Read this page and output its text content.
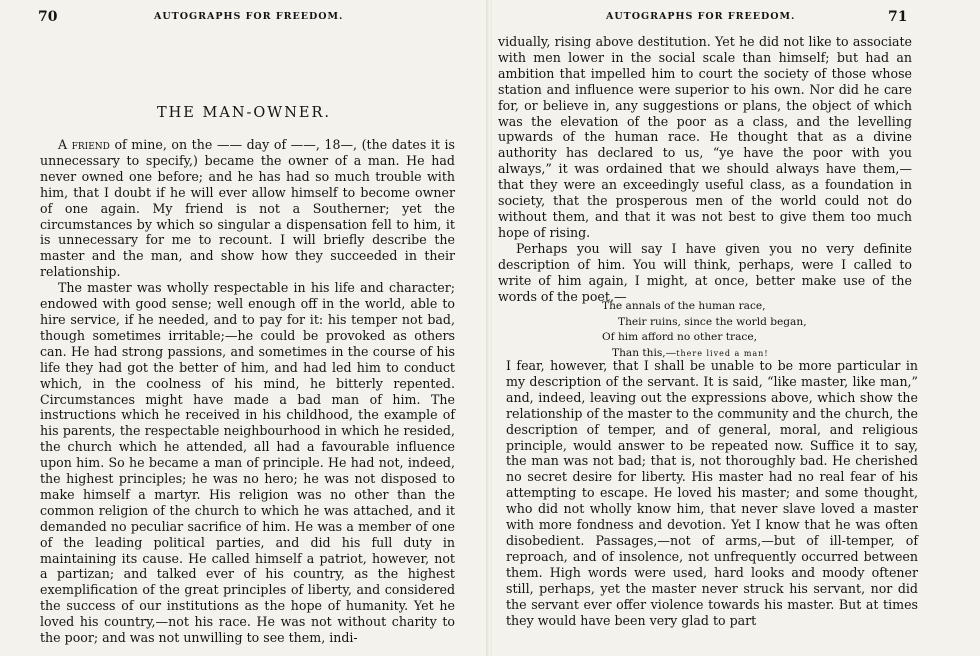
70	AUTOGRAPHS FOR FREEDOM.
THE MAN-OWNER.

A friend of mine, on the —— day of ——, 18—, (the dates it is unnecessary to specify,) became the owner of a man. He had never owned one before; and he has had so much trouble with him, that I doubt if he will ever allow himself to become owner of one again. My friend is not a Southerner; yet the circumstances by which so singular a dispensation fell to him, it is unnecessary for me to recount. I will briefly describe the master and the man, and show how they succeeded in their relationship.

The master was wholly respectable in his life and character; endowed with good sense; well enough off in the world, able to hire service, if he needed, and to pay for it: his temper not bad, though sometimes irritable;—he could be provoked as others can. He had strong passions, and sometimes in the course of his life they had got the better of him, and had led him to conduct which, in the coolness of his mind, he bitterly repented. Circumstances might have made a bad man of him. The instructions which he received in his childhood, the example of his parents, the respectable neighbourhood in which he resided, the church which he attended, all had a favourable influence upon him. So he became a man of principle. He had not, indeed, the highest principles; he was no hero; he was not disposed to make himself a martyr. His religion was no other than the common religion of the church to which he was attached, and it demanded no peculiar sacrifice of him. He was a member of one of the leading political parties, and did his full duty in maintaining its cause. He called himself a patriot, however, not a partizan; and talked ever of his country, as the highest exemplification of the great principles of liberty, and considered the success of our institutions as the hope of humanity. Yet he loved his country,—not his race. He was not without charity to the poor; and was not unwilling to see them, indi-

AUTOGRAPHS FOR FREEDOM.	71

vidually, rising above destitution. Yet he did not like to associate with men lower in the social scale than himself; but had an ambition that impelled him to court the society of those whose station and influence were superior to his own. Nor did he care for, or believe in, any suggestions or plans, the object of which was the elevation of the poor as a class, and the levelling upwards of the human race. He thought that as a divine authority has declared to us, “ye have the poor with you always,” it was ordained that we should always have them,—that they were an exceedingly useful class, as a foundation in society, that the prosperous men of the world could not do without them, and that it was not best to give them too much hope of rising.

Perhaps you will say I have given you no very definite description of him. You will think, perhaps, were I called to write of him again, I might, at once, better make use of the words of the poet,—

The annals of the human race,
Their ruins, since the world began,
Of him afford no other trace,
Than this,—there lived a man!

I fear, however, that I shall be unable to be more particular in my description of the servant. It is said, “like master, like man,” and, indeed, leaving out the expressions above, which show the relationship of the master to the community and the church, the description of temper, and of general, moral, and religious principle, would answer to be repeated now. Suffice it to say, the man was not bad; that is, not thoroughly bad. He cherished no secret desire for liberty. His master had no real fear of his attempting to escape. He loved his master; and some thought, who did not wholly know him, that never slave loved a master with more fondness and devotion. Yet I know that he was often disobedient. Passages,—not of arms,—but of ill-temper, of reproach, and of insolence, not unfrequently occurred between them. High words were used, hard looks and moody oftener still, perhaps, yet the master never struck his servant, nor did the servant ever offer violence towards his master. But at times they would have been very glad to part
